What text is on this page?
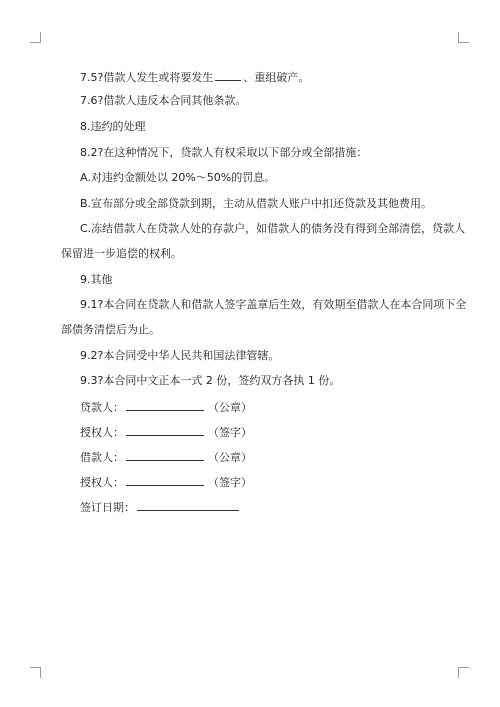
7.5?借款人发生或将要发生	、重组破产。
7.6?借款人违反本合同其他条款。
8.违约的处理
8.2?在这种情况下，贷款人有权采取以下部分或全部措施：
A.对违约金额处以 20%～50%的罚息。
B.宣布部分或全部贷款到期，主动从借款人账户中扣还贷款及其他费用。
C.冻结借款人在贷款人处的存款户，如借款人的债务没有得到全部清偿，贷款人
保留进一步追偿的权利。
9.其他
9.1?本合同在贷款人和借款人签字盖章后生效，有效期至借款人在本合同项下全
部债务清偿后为止。
9.2?本合同受中华人民共和国法律管辖。
9.3?本合同中文正本一式 2 份，签约双方各执 1 份。
贷款人：	（公章）
授权人：	（签字）
借款人：	（公章）
授权人：	（签字）
签订日期：
